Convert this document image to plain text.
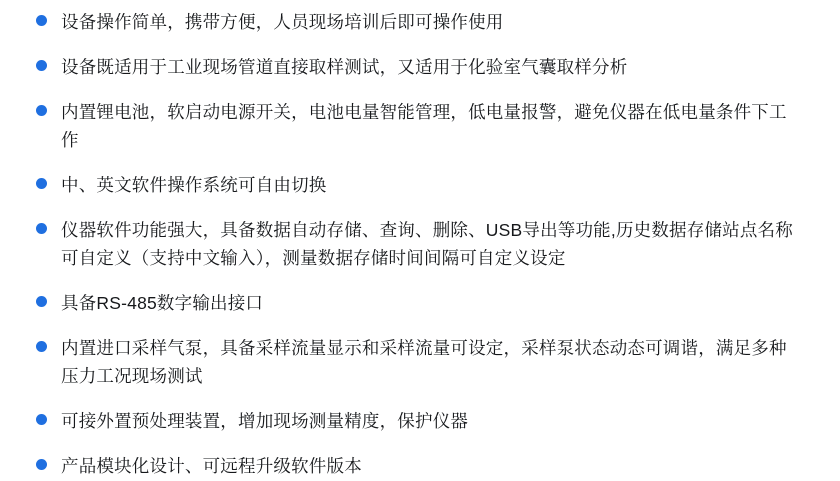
设备操作简单，携带方便，人员现场培训后即可操作使用
设备既适用于工业现场管道直接取样测试，又适用于化验室气囊取样分析
内置锂电池，软启动电源开关，电池电量智能管理，低电量报警，避免仪器在低电量条件下工作
中、英文软件操作系统可自由切换
仪器软件功能强大，具备数据自动存储、查询、删除、USB导出等功能,历史数据存储站点名称可自定义（支持中文输入），测量数据存储时间间隔可自定义设定
具备RS-485数字输出接口
内置进口采样气泵，具备采样流量显示和采样流量可设定，采样泵状态动态可调谐，满足多种压力工况现场测试
可接外置预处理装置，增加现场测量精度，保护仪器
产品模块化设计、可远程升级软件版本
